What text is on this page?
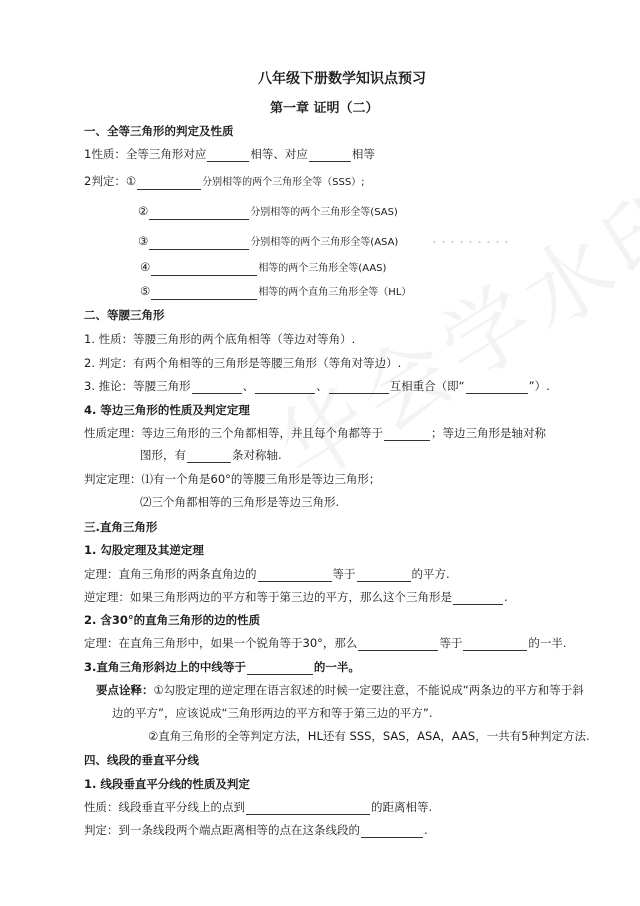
八年级下册数学知识点预习
第一章 证明（二）
一、全等三角形的判定及性质
1性质：全等三角形对应	相等、对应	相等
2判定：①	分别相等的两个三角形全等（SSS）;
②	分别相等的两个三角形全等(SAS)
③	分别相等的两个三角形全等(ASA)
④	相等的两个三角形全等(AAS)
⑤	相等的两个直角三角形全等（HL）
二、等腰三角形
1. 性质：等腰三角形的两个底角相等（等边对等角）.
2. 判定：有两个角相等的三角形是等腰三角形（等角对等边）.
3. 推论：等腰三角形	、	、	互相重合（即“	”）.
4. 等边三角形的性质及判定定理
性质定理：等边三角形的三个角都相等，并且每个角都等于	；等边三角形是轴对称
图形，有	条对称轴.
判定定理：⑴有一个角是60°的等腰三角形是等边三角形；
⑵三个角都相等的三角形是等边三角形.
三.直角三角形
1. 勾股定理及其逆定理
定理：直角三角形的两条直角边的	等于	的平方.
逆定理：如果三角形两边的平方和等于第三边的平方，那么这个三角形是	.
2. 含30°的直角三角形的边的性质
定理：在直角三角形中，如果一个锐角等于30°，那么	等于	的一半.
3.直角三角形斜边上的中线等于	的一半。
要点诠释：①勾股定理的逆定理在语言叙述的时候一定要注意，不能说成“两条边的平方和等于斜
边的平方”，应该说成“三角形两边的平方和等于第三边的平方”.
②直角三角形的全等判定方法，HL还有 SSS，SAS，ASA，AAS，一共有5种判定方法.
四、线段的垂直平分线
1. 线段垂直平分线的性质及判定
性质：线段垂直平分线上的点到	的距离相等.
判定：到一条线段两个端点距离相等的点在这条线段的	.
